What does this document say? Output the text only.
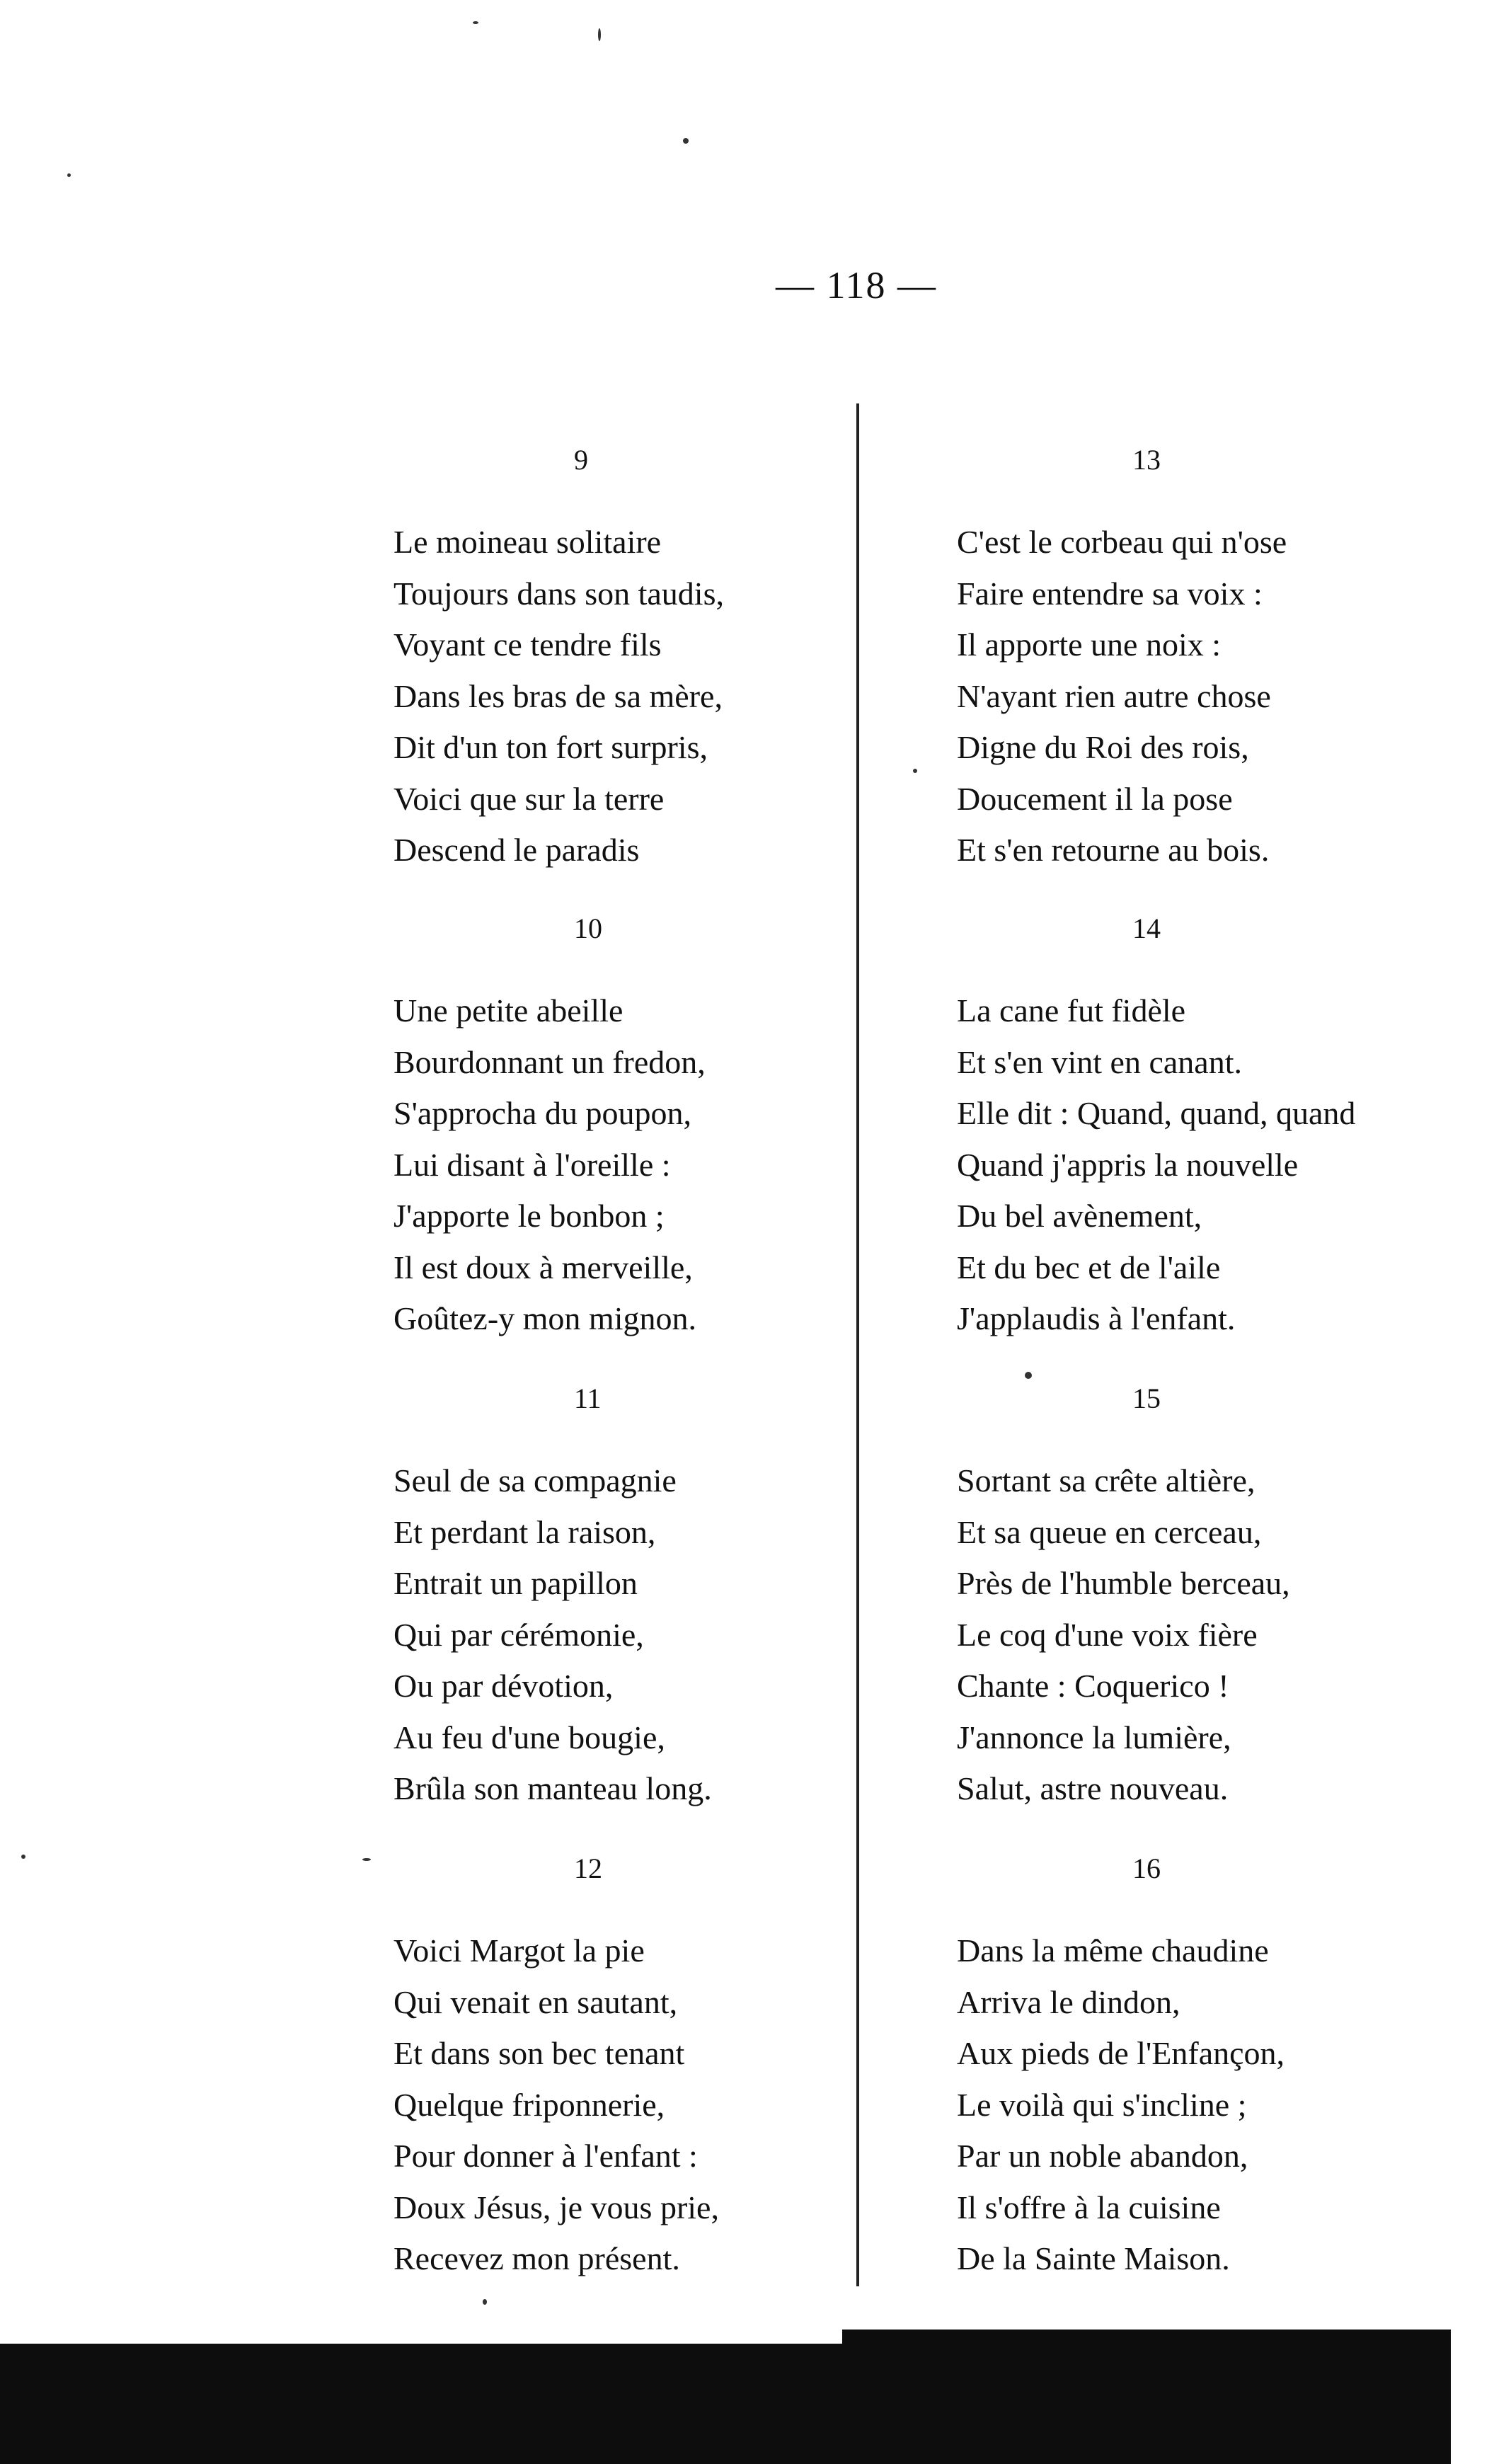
— 118 —
9
Le moineau solitaire
Toujours dans son taudis,
Voyant ce tendre fils
Dans les bras de sa mère,
Dit d'un ton fort surpris,
Voici que sur la terre
Descend le paradis
10
Une petite abeille
Bourdonnant un fredon,
S'approcha du poupon,
Lui disant à l'oreille :
J'apporte le bonbon ;
Il est doux à merveille,
Goûtez-y mon mignon.
11
Seul de sa compagnie
Et perdant la raison,
Entrait un papillon
Qui par cérémonie,
Ou par dévotion,
Au feu d'une bougie,
Brûla son manteau long.
12
Voici Margot la pie
Qui venait en sautant,
Et dans son bec tenant
Quelque friponnerie,
Pour donner à l'enfant :
Doux Jésus, je vous prie,
Recevez mon présent.
13
C'est le corbeau qui n'ose
Faire entendre sa voix :
Il apporte une noix :
N'ayant rien autre chose
Digne du Roi des rois,
Doucement il la pose
Et s'en retourne au bois.
14
La cane fut fidèle
Et s'en vint en canant.
Elle dit : Quand, quand, quand
Quand j'appris la nouvelle
Du bel avènement,
Et du bec et de l'aile
J'applaudis à l'enfant.
15
Sortant sa crête altière,
Et sa queue en cerceau,
Près de l'humble berceau,
Le coq d'une voix fière
Chante : Coquerico !
J'annonce la lumière,
Salut, astre nouveau.
16
Dans la même chaudine
Arriva le dindon,
Aux pieds de l'Enfançon,
Le voilà qui s'incline ;
Par un noble abandon,
Il s'offre à la cuisine
De la Sainte Maison.
